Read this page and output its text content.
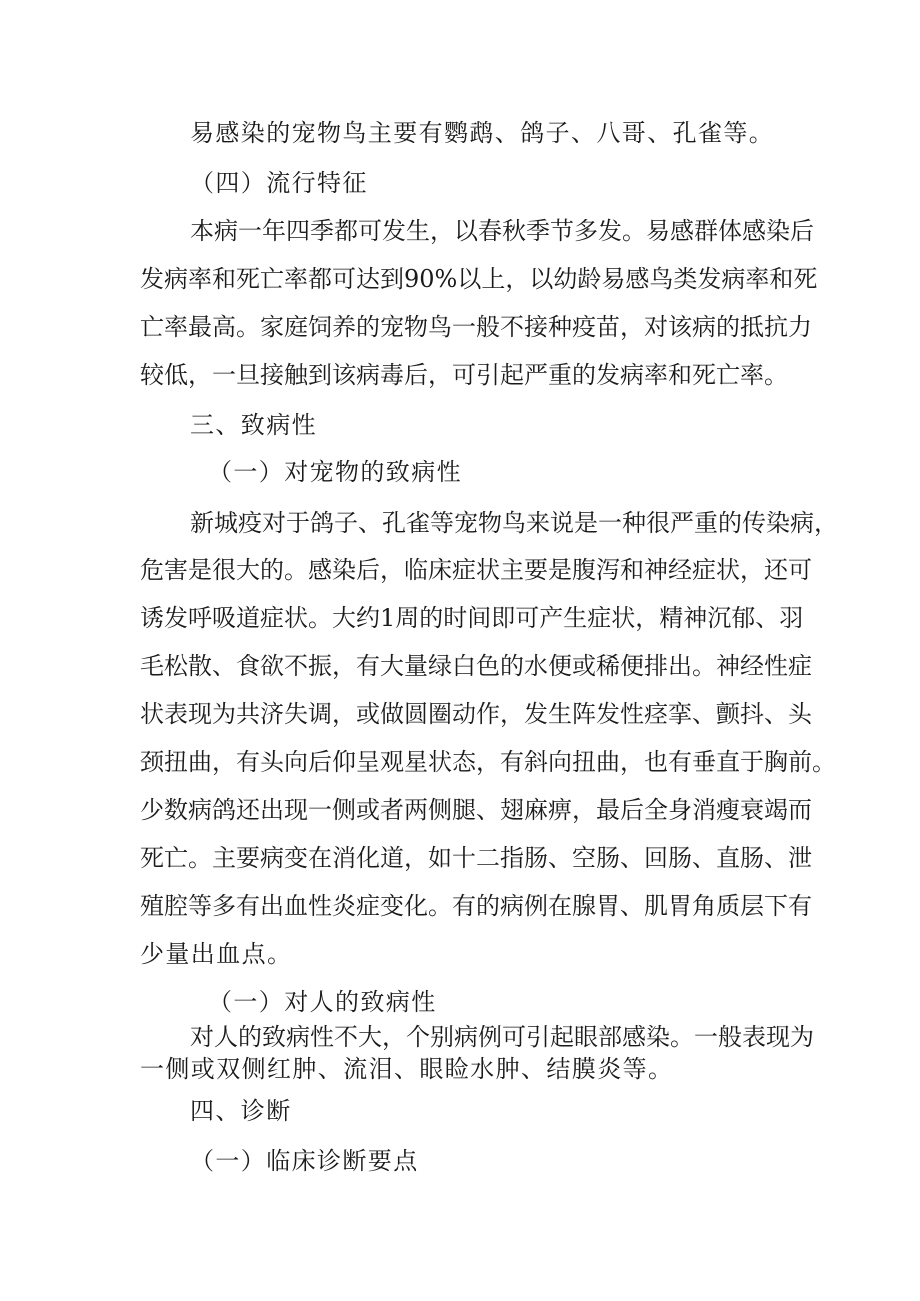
易感染的宠物鸟主要有鹦鹉、鸽子、八哥、孔雀等。
（四）流行特征
本病一年四季都可发生，以春秋季节多发。易感群体感染后
发病率和死亡率都可达到90%以上，以幼龄易感鸟类发病率和死
亡率最高。家庭饲养的宠物鸟一般不接种疫苗，对该病的抵抗力
较低，一旦接触到该病毒后，可引起严重的发病率和死亡率。
三、致病性
（一）对宠物的致病性
新城疫对于鸽子、孔雀等宠物鸟来说是一种很严重的传染病，
危害是很大的。感染后，临床症状主要是腹泻和神经症状，还可
诱发呼吸道症状。大约1周的时间即可产生症状，精神沉郁、羽
毛松散、食欲不振，有大量绿白色的水便或稀便排出。神经性症
状表现为共济失调，或做圆圈动作，发生阵发性痉挛、颤抖、头
颈扭曲，有头向后仰呈观星状态，有斜向扭曲，也有垂直于胸前。
少数病鸽还出现一侧或者两侧腿、翅麻痹，最后全身消瘦衰竭而
死亡。主要病变在消化道，如十二指肠、空肠、回肠、直肠、泄
殖腔等多有出血性炎症变化。有的病例在腺胃、肌胃角质层下有
少量出血点。
（一）对人的致病性
对人的致病性不大，个别病例可引起眼部感染。一般表现为
一侧或双侧红肿、流泪、眼睑水肿、结膜炎等。
四、诊断
（一）临床诊断要点
